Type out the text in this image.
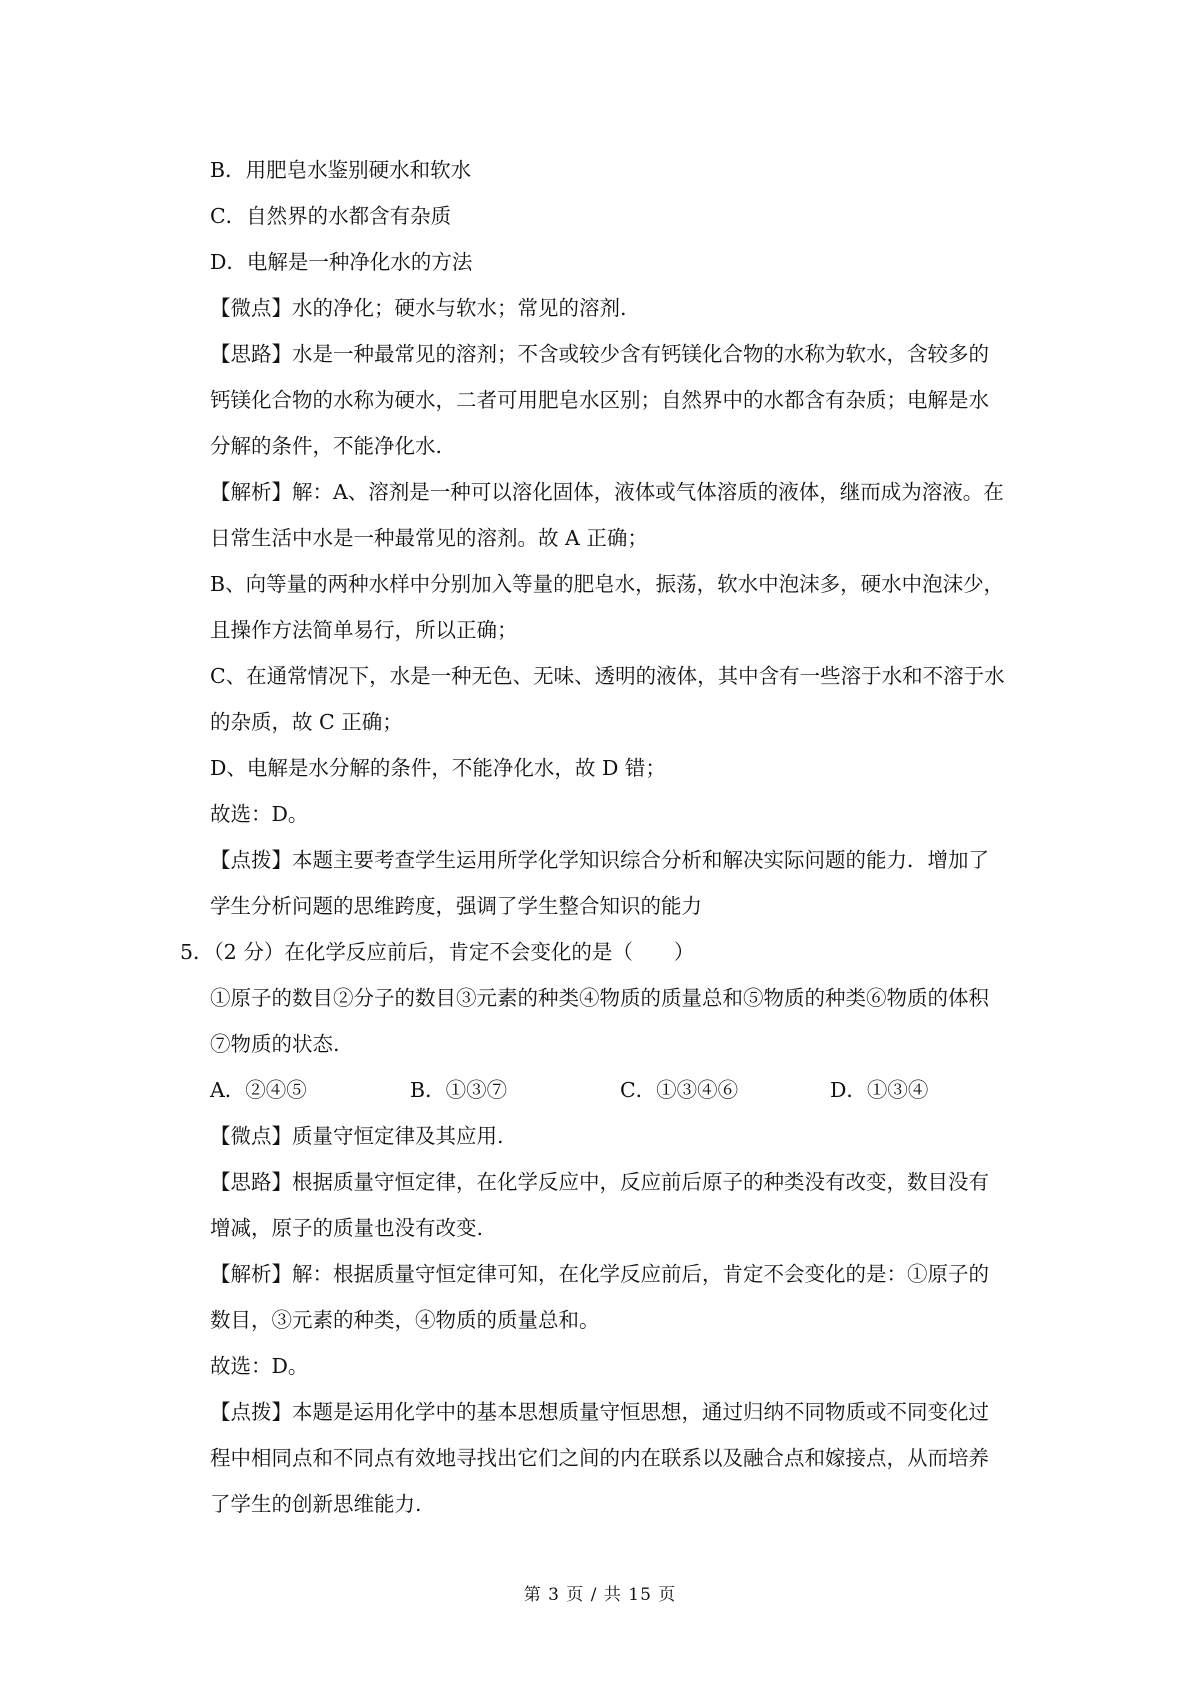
B．用肥皂水鉴别硬水和软水
C．自然界的水都含有杂质
D．电解是一种净化水的方法
【微点】水的净化；硬水与软水；常见的溶剂.
【思路】水是一种最常见的溶剂；不含或较少含有钙镁化合物的水称为软水，含较多的
钙镁化合物的水称为硬水，二者可用肥皂水区别；自然界中的水都含有杂质；电解是水
分解的条件，不能净化水.
【解析】解：A、溶剂是一种可以溶化固体，液体或气体溶质的液体，继而成为溶液。在
日常生活中水是一种最常见的溶剂。故 A 正确；
B、向等量的两种水样中分别加入等量的肥皂水，振荡，软水中泡沫多，硬水中泡沫少，
且操作方法简单易行，所以正确；
C、在通常情况下，水是一种无色、无味、透明的液体，其中含有一些溶于水和不溶于水
的杂质，故 C 正确；
D、电解是水分解的条件，不能净化水，故 D 错；
故选：D。
【点拨】本题主要考查学生运用所学化学知识综合分析和解决实际问题的能力．增加了
学生分析问题的思维跨度，强调了学生整合知识的能力
5．（2 分）在化学反应前后，肯定不会变化的是（　　）
①原子的数目②分子的数目③元素的种类④物质的质量总和⑤物质的种类⑥物质的体积
⑦物质的状态.
A．②④⑤	B．①③⑦	C．①③④⑥	D．①③④
【微点】质量守恒定律及其应用.
【思路】根据质量守恒定律，在化学反应中，反应前后原子的种类没有改变，数目没有
增减，原子的质量也没有改变.
【解析】解：根据质量守恒定律可知，在化学反应前后，肯定不会变化的是：①原子的
数目，③元素的种类，④物质的质量总和。
故选：D。
【点拨】本题是运用化学中的基本思想质量守恒思想，通过归纳不同物质或不同变化过
程中相同点和不同点有效地寻找出它们之间的内在联系以及融合点和嫁接点，从而培养
了学生的创新思维能力.
第 3 页 / 共 15 页
